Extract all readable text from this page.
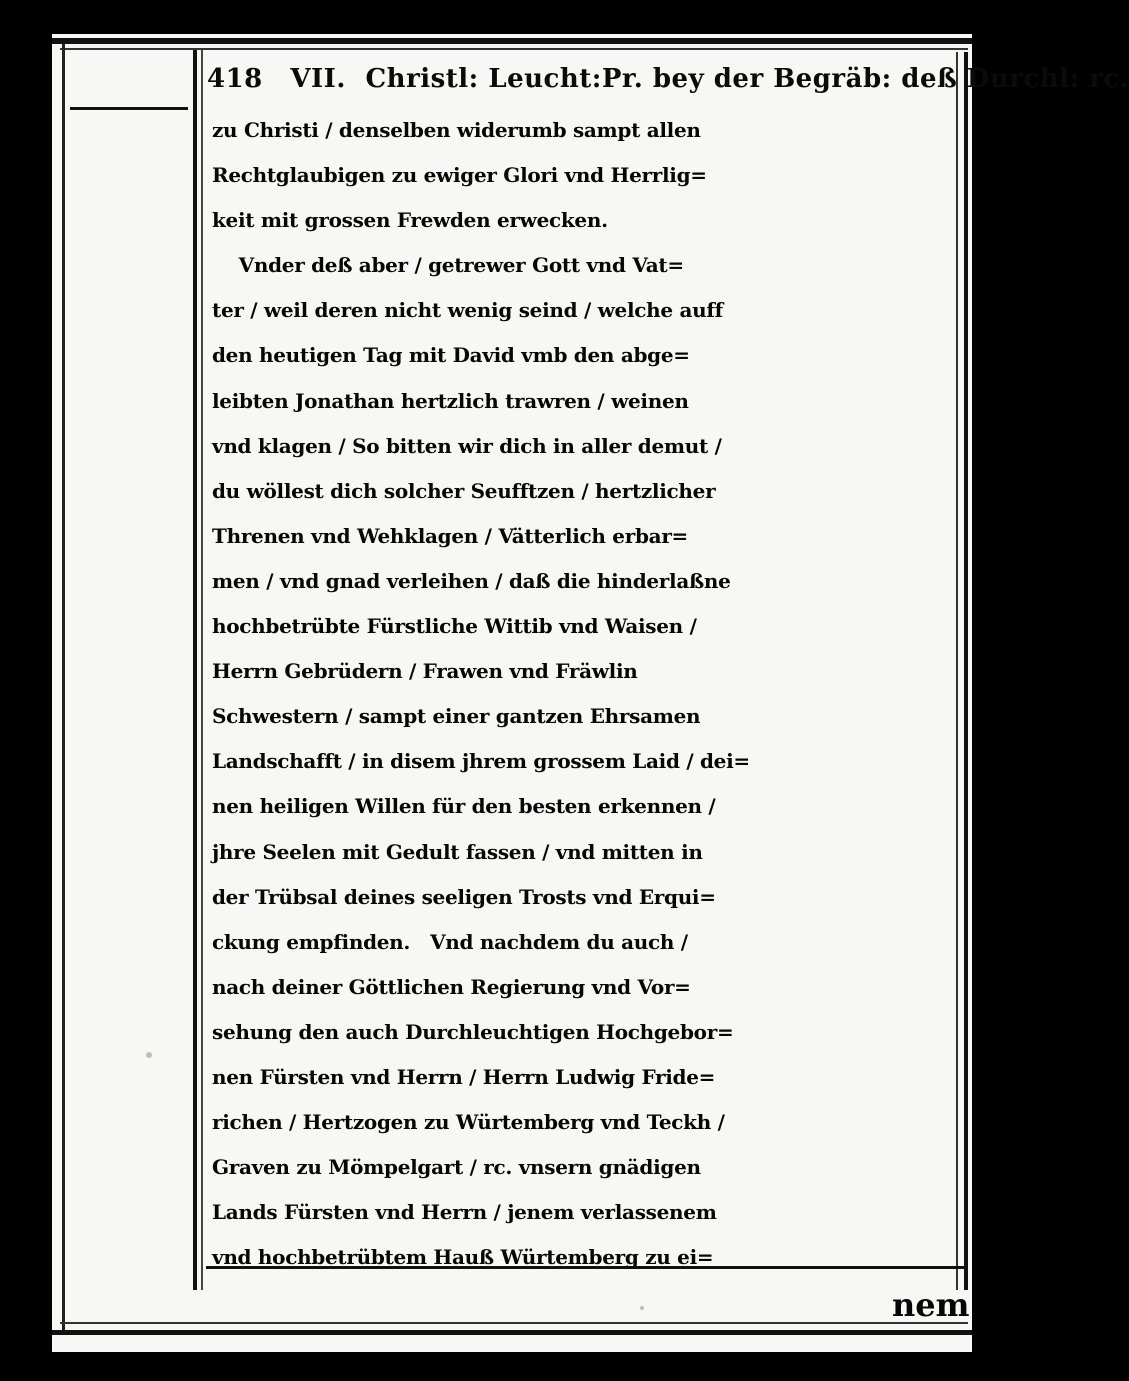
418 VII. Christl: Leucht:Pr. bey der Begräb: deß Durchl: rc.
zu Christi / denselben widerumb sampt allen
Rechtglaubigen zu ewiger Glori vnd Herrlig=
keit mit grossen Frewden erwecken.
Vnder deß aber / getrewer Gott vnd Vat=
ter / weil deren nicht wenig seind / welche auff
den heutigen Tag mit David vmb den abge=
leibten Jonathan hertzlich trawren / weinen
vnd klagen / So bitten wir dich in aller demut /
du wöllest dich solcher Seufftzen / hertzlicher
Threnen vnd Wehklagen / Vätterlich erbar=
men / vnd gnad verleihen / daß die hinderlaßne
hochbetrübte Fürstliche Wittib vnd Waisen /
Herrn Gebrüdern / Frawen vnd Fräwlin
Schwestern / sampt einer gantzen Ehrsamen
Landschafft / in disem jhrem grossem Laid / dei=
nen heiligen Willen für den besten erkennen /
jhre Seelen mit Gedult fassen / vnd mitten in
der Trübsal deines seeligen Trosts vnd Erqui=
ckung empfinden.   Vnd nachdem du auch /
nach deiner Göttlichen Regierung vnd Vor=
sehung den auch Durchleuchtigen Hochgebor=
nen Fürsten vnd Herrn / Herrn Ludwig Fride=
richen / Hertzogen zu Würtemberg vnd Teckh /
Graven zu Mömpelgart / rc. vnsern gnädigen
Lands Fürsten vnd Herrn / jenem verlassenem
vnd hochbetrübtem Hauß Würtemberg zu ei=
nem
